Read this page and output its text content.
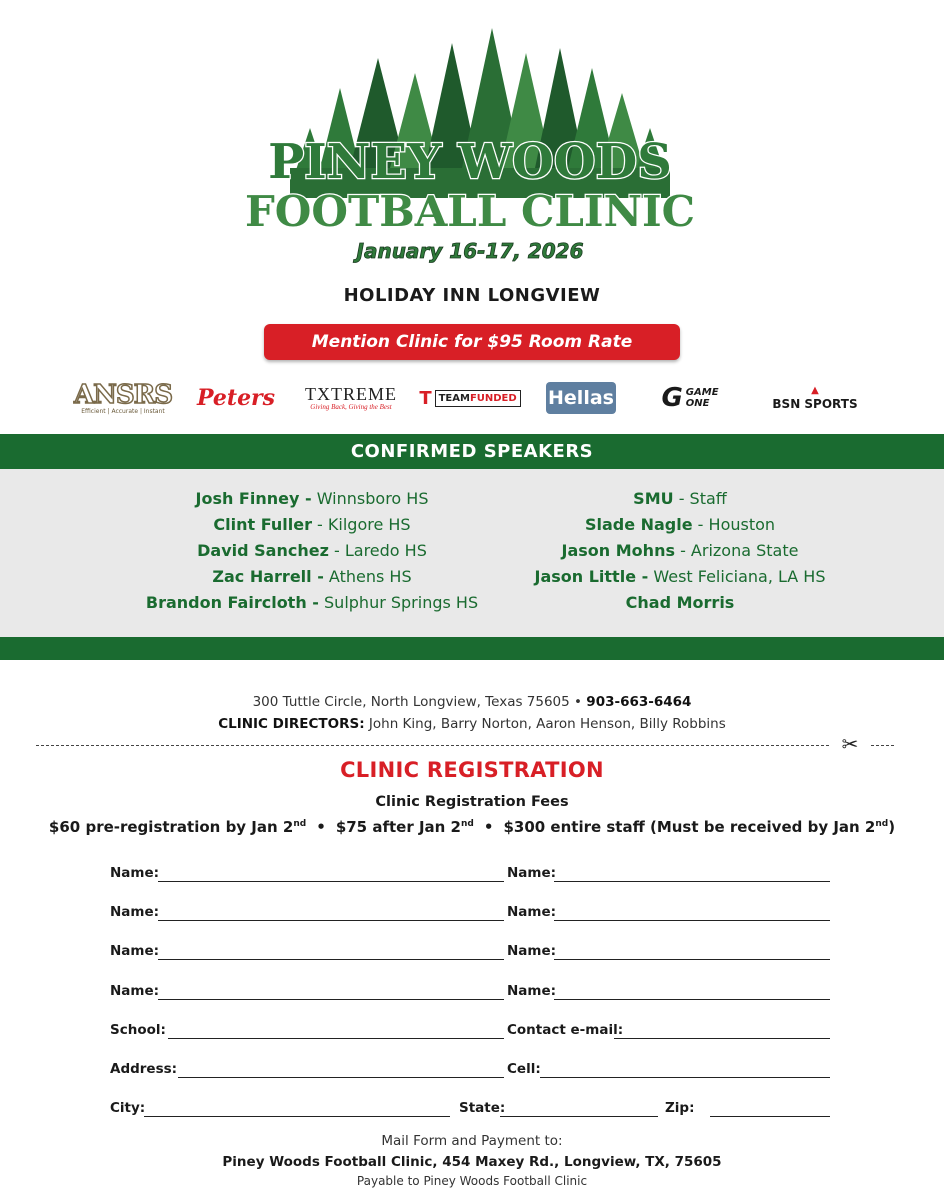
PINEY WOODS
FOOTBALL CLINIC
January 16-17, 2026
HOLIDAY INN LONGVIEW
Mention Clinic for $95 Room Rate
ANSRS
Efficient | Accurate | Instant Peters TXTREME
Giving Back, Giving the Best T TEAMFUNDED Hellas G GAME
ONE
▲
BSN SPORTS
CONFIRMED SPEAKERS
Josh Finney - Winnsboro HS
Clint Fuller - Kilgore HS
David Sanchez - Laredo HS
Zac Harrell - Athens HS
Brandon Faircloth - Sulphur Springs HS
SMU - Staff
Slade Nagle - Houston
Jason Mohns - Arizona State
Jason Little - West Feliciana, LA HS
Chad Morris
300 Tuttle Circle, North Longview, Texas 75605 • 903-663-6464
CLINIC DIRECTORS: John King, Barry Norton, Aaron Henson, Billy Robbins
✂
CLINIC REGISTRATION
Clinic Registration Fees
$60 pre-registration by Jan 2nd • $75 after Jan 2nd • $300 entire staff (Must be received by Jan 2nd)
Name:	Name:
Name:	Name:
Name:	Name:
Name:	Name:
School:	Contact e-mail:
Address:	Cell:
City:	State:	Zip:
Mail Form and Payment to:
Piney Woods Football Clinic, 454 Maxey Rd., Longview, TX, 75605
Payable to Piney Woods Football Clinic
